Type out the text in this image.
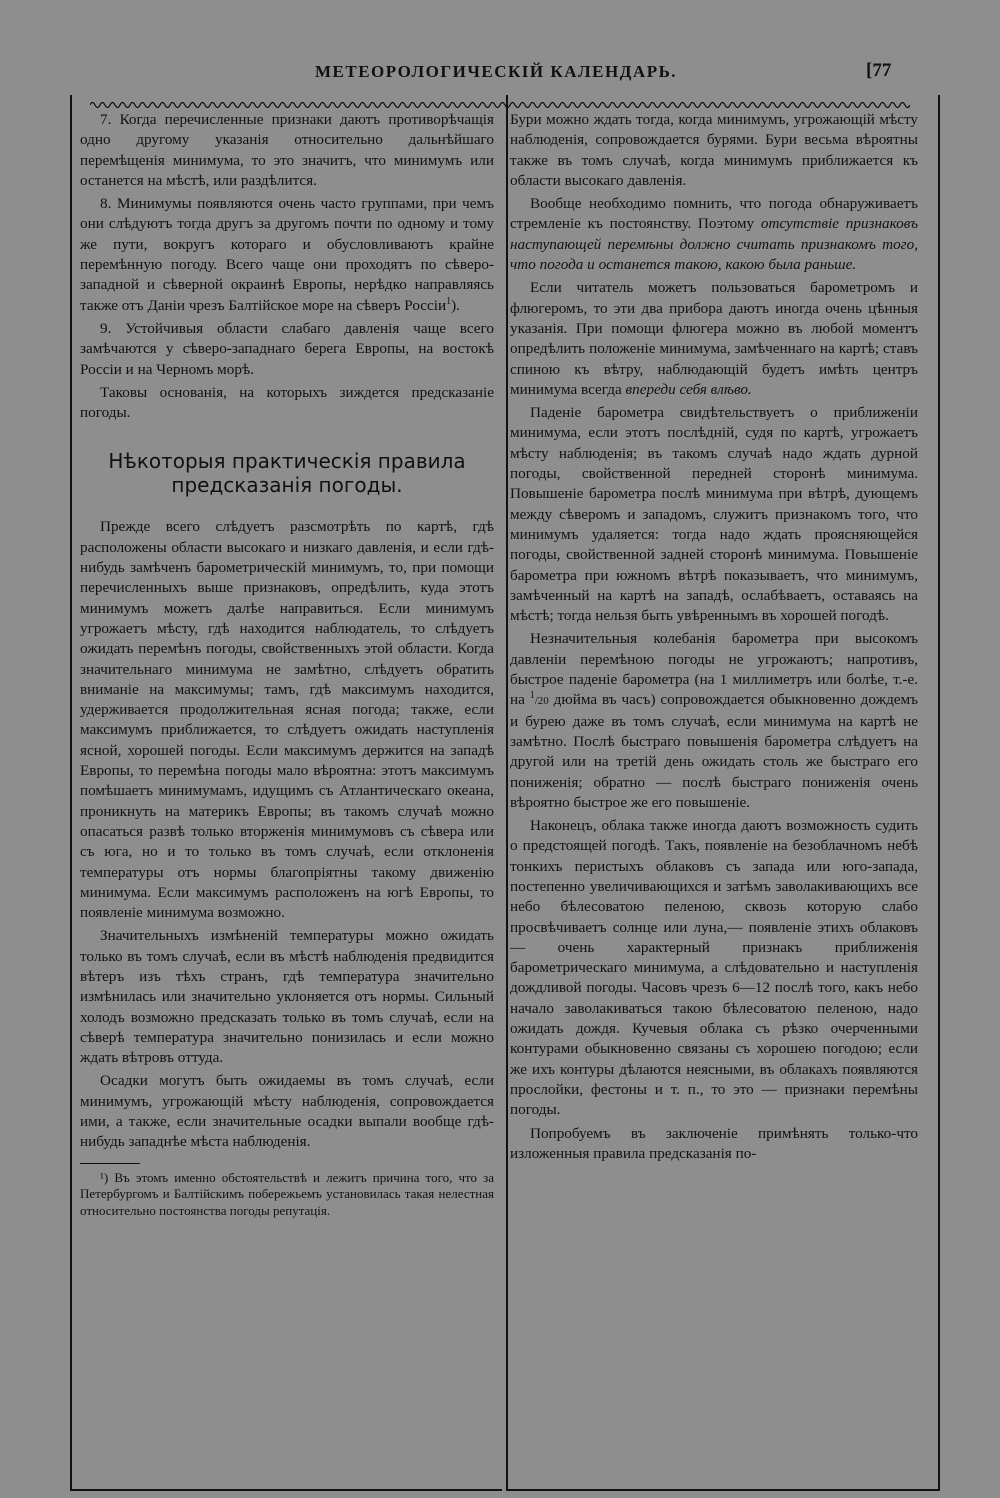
МЕТЕОРОЛОГИЧЕСКІЙ КАЛЕНДАРЬ.	[77

7. Когда перечисленные признаки даютъ противорѣчащія одно другому указанія относительно дальнѣйшаго перемѣщенія минимума, то это значитъ, что минимумъ или останется на мѣстѣ, или раздѣлится.

8. Минимумы появляются очень часто группами, при чемъ они слѣдуютъ тогда другъ за другомъ почти по одному и тому же пути, вокругъ котораго и обусловливаютъ крайне перемѣнную погоду. Всего чаще они проходятъ по сѣверо-западной и сѣверной окраинѣ Европы, нерѣдко направляясь также отъ Даніи чрезъ Балтійское море на сѣверъ Россіи$^1$).

9. Устойчивыя области слабаго давленія чаще всего замѣчаются у сѣверо-западнаго берега Европы, на востокѣ Россіи и на Черномъ морѣ.

Таковы основанія, на которыхъ зиждется предсказаніе погоды.

Нѣкоторыя практическія правила
предсказанія погоды.

Прежде всего слѣдуетъ разсмотрѣть по картѣ, гдѣ расположены области высокаго и низкаго давленія, и если гдѣ-нибудь замѣченъ барометрическій минимумъ, то, при помощи перечисленныхъ выше признаковъ, опредѣлить, куда этотъ минимумъ можетъ далѣе направиться. Если минимумъ угрожаетъ мѣсту, гдѣ находится наблюдатель, то слѣдуетъ ожидать перемѣнъ погоды, свойственныхъ этой области. Когда значительнаго минимума не замѣтно, слѣдуетъ обратить вниманіе на максимумы; тамъ, гдѣ максимумъ находится, удерживается продолжительная ясная погода; также, если максимумъ приближается, то слѣдуетъ ожидать наступленія ясной, хорошей погоды. Если максимумъ держится на западѣ Европы, то перемѣна погоды мало вѣроятна: этотъ максимумъ помѣшаетъ минимумамъ, идущимъ съ Атлантическаго океана, проникнуть на материкъ Европы; въ такомъ случаѣ можно опасаться развѣ только вторженія минимумовъ съ сѣвера или съ юга, но и то только въ томъ случаѣ, если отклоненія температуры отъ нормы благопріятны такому движенію минимума. Если максимумъ расположенъ на югѣ Европы, то появленіе минимума возможно.

Значительныхъ измѣненій температуры можно ожидать только въ томъ случаѣ, если въ мѣстѣ наблюденія предвидится вѣтеръ изъ тѣхъ странъ, гдѣ температура значительно измѣнилась или значительно уклоняется отъ нормы. Сильный холодъ возможно предсказать только въ томъ случаѣ, если на сѣверѣ температура значительно понизилась и если можно ждать вѣтровъ оттуда.

Осадки могутъ быть ожидаемы въ томъ случаѣ, если минимумъ, угрожающій мѣсту наблюденія, сопровождается ими, а также, если значительные осадки выпали вообще гдѣ-нибудь западнѣе мѣста наблюденія.

¹) Въ этомъ именно обстоятельствѣ и лежитъ причина того, что за Петербургомъ и Балтійскимъ побережьемъ установилась такая нелестная относительно постоянства погоды репутація.

Бури можно ждать тогда, когда минимумъ, угрожающій мѣсту наблюденія, сопровождается бурями. Бури весьма вѣроятны также въ томъ случаѣ, когда минимумъ приближается къ области высокаго давленія.

Вообще необходимо помнить, что погода обнаруживаетъ стремленіе къ постоянству. Поэтому отсутствіе признаковъ наступающей перемѣны должно считать признакомъ того, что погода и останется такою, какою была раньше.

Если читатель можетъ пользоваться барометромъ и флюгеромъ, то эти два прибора даютъ иногда очень цѣнныя указанія. При помощи флюгера можно въ любой моментъ опредѣлить положеніе минимума, замѣченнаго на картѣ; ставъ спиною къ вѣтру, наблюдающій будетъ имѣть центръ минимума всегда впереди себя влѣво.

Паденіе барометра свидѣтельствуетъ о приближеніи минимума, если этотъ послѣдній, судя по картѣ, угрожаетъ мѣсту наблюденія; въ такомъ случаѣ надо ждать дурной погоды, свойственной передней сторонѣ минимума. Повышеніе барометра послѣ минимума при вѣтрѣ, дующемъ между сѣверомъ и западомъ, служитъ признакомъ того, что минимумъ удаляется: тогда надо ждать проясняющейся погоды, свойственной задней сторонѣ минимума. Повышеніе барометра при южномъ вѣтрѣ показываетъ, что минимумъ, замѣченный на картѣ на западѣ, ослабѣваетъ, оставаясь на мѣстѣ; тогда нельзя быть увѣреннымъ въ хорошей погодѣ.

Незначительныя колебанія барометра при высокомъ давленіи перемѣною погоды не угрожаютъ; напротивъ, быстрое паденіе барометра (на 1 миллиметръ или болѣе, т.-е. на $^1$/20 дюйма въ часъ) сопровождается обыкновенно дождемъ и бурею даже въ томъ случаѣ, если минимума на картѣ не замѣтно. Послѣ быстраго повышенія барометра слѣдуетъ на другой или на третій день ожидать столь же быстраго его пониженія; обратно — послѣ быстраго пониженія очень вѣроятно быстрое же его повышеніе.

Наконецъ, облака также иногда даютъ возможность судить о предстоящей погодѣ. Такъ, появленіе на безоблачномъ небѣ тонкихъ перистыхъ облаковъ съ запада или юго-запада, постепенно увеличивающихся и затѣмъ заволакивающихъ все небо бѣлесоватою пеленою, сквозь которую слабо просвѣчиваетъ солнце или луна,— появленіе этихъ облаковъ— очень характерный признакъ приближенія барометрическаго минимума, а слѣдовательно и наступленія дождливой погоды. Часовъ чрезъ 6—12 послѣ того, какъ небо начало заволакиваться такою бѣлесоватою пеленою, надо ожидать дождя. Кучевыя облака съ рѣзко очерченными контурами обыкновенно связаны съ хорошею погодою; если же ихъ контуры дѣлаются неясными, въ облакахъ появляются прослойки, фестоны и т. п., то это — признаки перемѣны погоды.

Попробуемъ въ заключеніе примѣнять только-что изложенныя правила предсказанія по-
